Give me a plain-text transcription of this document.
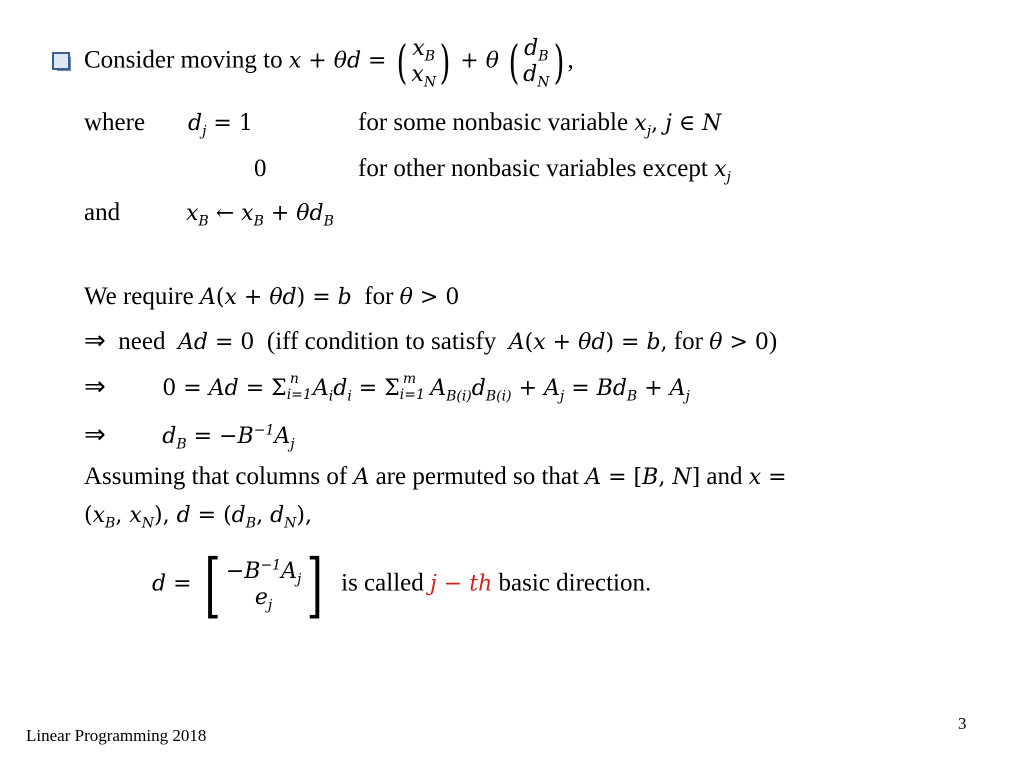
Consider moving to x + θd = ( $x_B$
$x_N$ ) + θ ( $d_B$
$d_N$ ) ,
where $d_j = 1$	for some nonbasic variable $x_j$, j ∈ N
0	for other nonbasic variables except $x_j$
and	$x_B$ ← $x_B + \theta d_B$
We require A(x + θd) = b for θ > 0
⇒ need Ad = 0 (iff condition to satisfy A(x + θd) = b, for θ > 0)
⇒	$0 = Ad = \Sigma_{i=1}^n$ $A_id_i = \Sigma_{i=1}^m$ $A_{B(i)}d_{B(i)} + A_j = Bd_B + A_j$
⇒	$d_B = -B^{-1}A_j$
Assuming that columns of A are permuted so that A = [B, N] and x =
($x_B$, $x_N$), $d = (d_B$, $d_N$),
d = [ $-B^{-1}A_j$
$e_j$ ] is called j − th basic direction.
Linear Programming 2018
3
